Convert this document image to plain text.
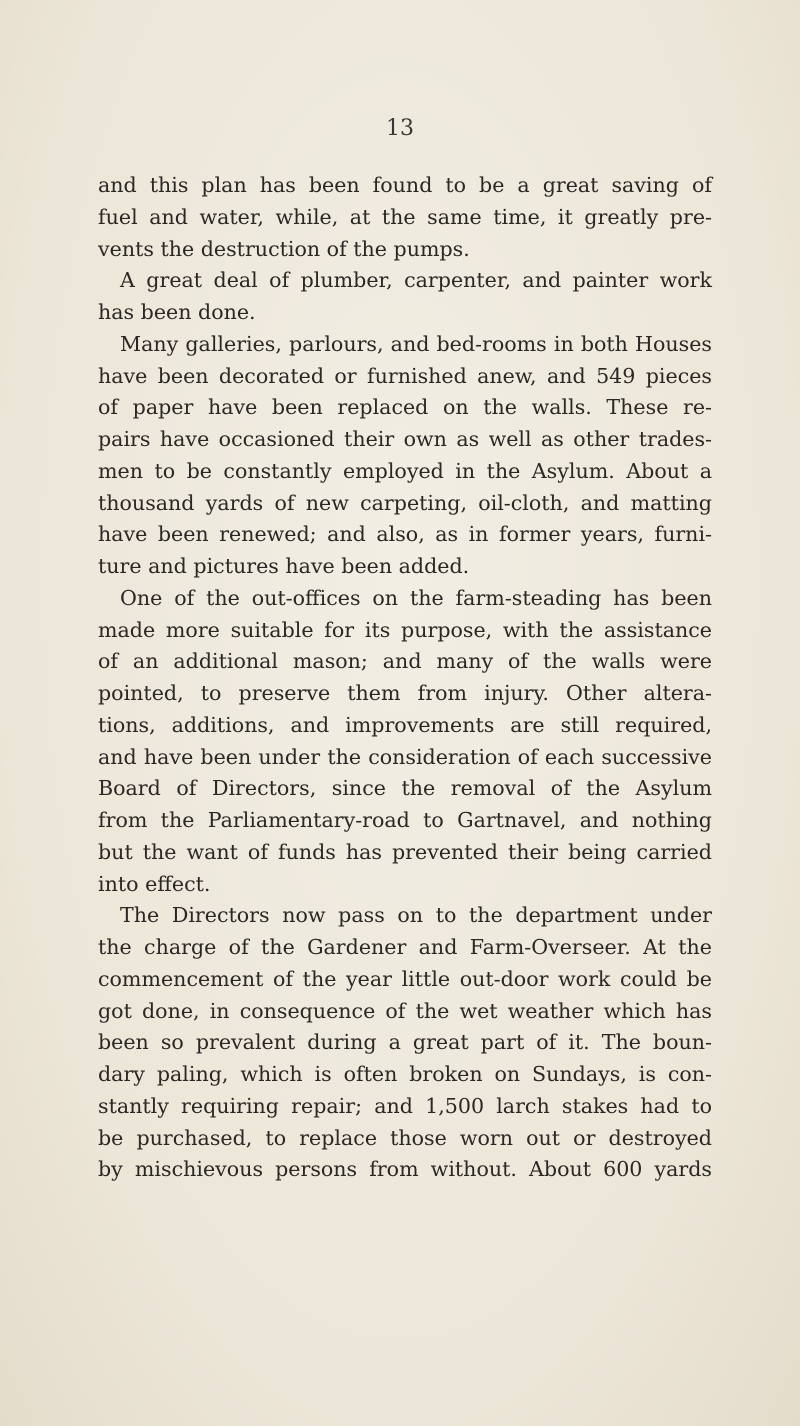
13
and this plan has been found to be a great saving of
fuel and water, while, at the same time, it greatly pre-
vents the destruction of the pumps.
A great deal of plumber, carpenter, and painter work
has been done.
Many galleries, parlours, and bed-rooms in both Houses
have been decorated or furnished anew, and 549 pieces
of paper have been replaced on the walls. These re-
pairs have occasioned their own as well as other trades-
men to be constantly employed in the Asylum. About a
thousand yards of new carpeting, oil-cloth, and matting
have been renewed; and also, as in former years, furni-
ture and pictures have been added.
One of the out-offices on the farm-steading has been
made more suitable for its purpose, with the assistance
of an additional mason; and many of the walls were
pointed, to preserve them from injury. Other altera-
tions, additions, and improvements are still required,
and have been under the consideration of each successive
Board of Directors, since the removal of the Asylum
from the Parliamentary-road to Gartnavel, and nothing
but the want of funds has prevented their being carried
into effect.
The Directors now pass on to the department under
the charge of the Gardener and Farm-Overseer. At the
commencement of the year little out-door work could be
got done, in consequence of the wet weather which has
been so prevalent during a great part of it. The boun-
dary paling, which is often broken on Sundays, is con-
stantly requiring repair; and 1,500 larch stakes had to
be purchased, to replace those worn out or destroyed
by mischievous persons from without. About 600 yards
